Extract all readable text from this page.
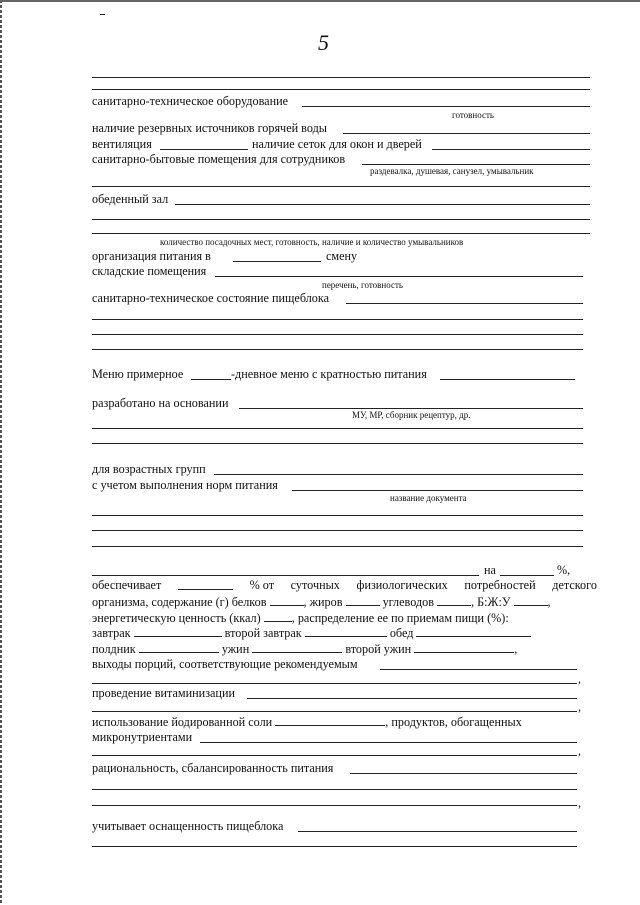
5
санитарно-техническое оборудование
готовность
наличие резервных источников горячей воды
вентиляция	наличие сеток для окон и дверей
санитарно-бытовые помещения для сотрудников
раздевалка, душевая, санузел, умывальник
обеденный зал
количество посадочных мест, готовность, наличие и количество умывальников
организация питания в	смену
складские помещения
перечень, готовность
санитарно-техническое состояние пищеблока
Меню примерное	-дневное меню с кратностью питания
разработано на основании
МУ, МР, сборник рецептур, др.
для возрастных групп
с учетом выполнения норм питания
название документа
на	%,
обеспечивает	% от суточных физиологических потребностей детского
организма, содержание (г) белков	, жиров	углеводов	, Б:Ж:У	,
энергетическую ценность (ккал)	, распределение ее по приемам пищи (%):
завтрак	второй завтрак	обед
полдник	ужин	второй ужин	,
выходы порций, соответствующие рекомендуемым
,
проведение витаминизации
,
использование йодированной соли	, продуктов, обогащенных
микронутриентами
,
рациональность, сбалансированность питания
,
учитывает оснащенность пищеблока
